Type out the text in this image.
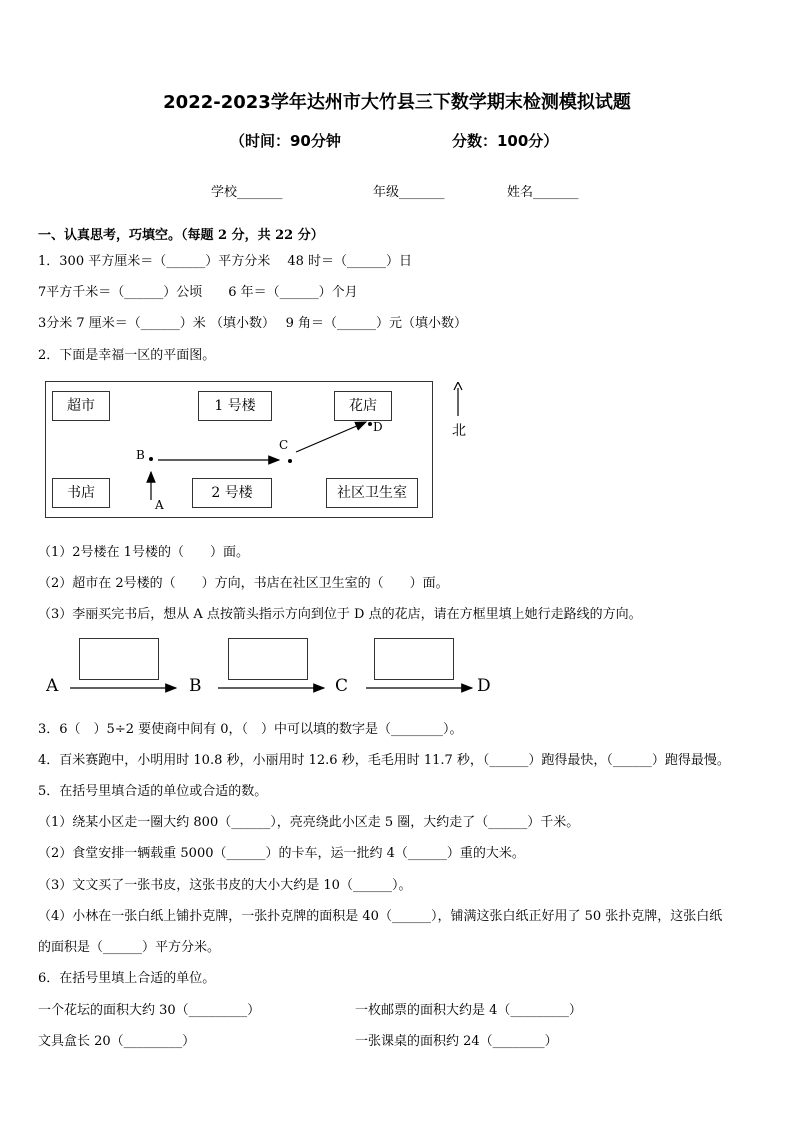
2022-2023学年达州市大竹县三下数学期末检测模拟试题
（时间：90分钟	分数：100分）
学校_______	年级_______	姓名_______
一、认真思考，巧填空。（每题 2 分，共 22 分）
1．300 平方厘米＝（______）平方分米　 48 时＝（______）日
7平方千米＝（______）公顷　　6 年＝（______）个月
3分米 7 厘米＝（______）米 （填小数）　 9 角＝（______）元（填小数）
2．下面是幸福一区的平面图。
超市	1 号楼	花店
书店	2 号楼	社区卫生室
A
B
C
D	北
（1）2号楼在 1号楼的（　　）面。
（2）超市在 2号楼的（　　）方向，书店在社区卫生室的（　　）面。
（3）李丽买完书后，想从 A 点按箭头指示方向到位于 D 点的花店，请在方框里填上她行走路线的方向。
A	B	C	D
3．6（　）5÷2 要使商中间有 0，（　）中可以填的数字是（________）。
4．百米赛跑中，小明用时 10.8 秒，小丽用时 12.6 秒，毛毛用时 11.7 秒，（______）跑得最快，（______）跑得最慢。
5．在括号里填合适的单位或合适的数。
（1）绕某小区走一圈大约 800（______），亮亮绕此小区走 5 圈，大约走了（______）千米。
（2）食堂安排一辆载重 5000（______）的卡车，运一批约 4（______）重的大米。
（3）文文买了一张书皮，这张书皮的大小大约是 10（______）。
（4）小林在一张白纸上铺扑克牌，一张扑克牌的面积是 40（______），铺满这张白纸正好用了 50 张扑克牌，这张白纸
的面积是（______）平方分米。
6．在括号里填上合适的单位。
一个花坛的面积大约 30（_________）	一枚邮票的面积大约是 4（_________）
文具盒长 20（_________）	一张课桌的面积约 24（________）
